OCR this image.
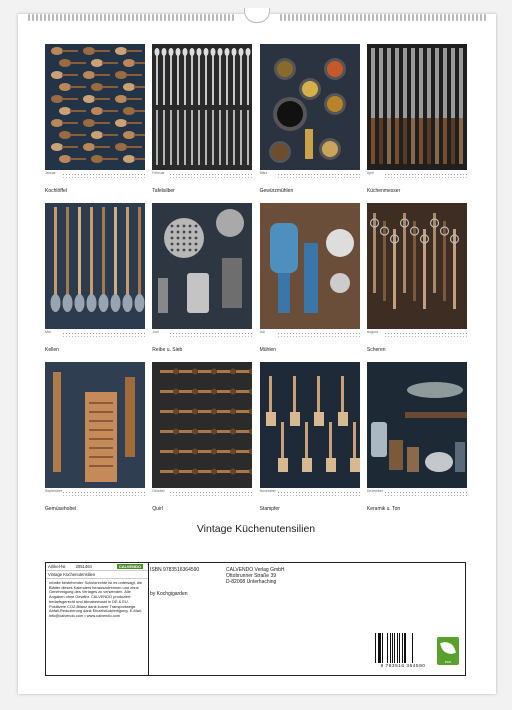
Januar
Kochlöffel
Februar
Tafelsilber
März
Gewürzmühlen
April
Küchenmesser
Mai
Kellen
Juni
Reibe u. Sieb
Juli
Mühlen
August
Scheren
September
Gemüsehobel
Oktober
Quirl
November
Stampfer
Dezember
Keramik u. Ton
Vintage Küchenutensilien
Artikel-Nr. 2051464	CALVENDO
Vintage Küchenutensilien
Inhalte bestehender Schutzrechte ist es untersagt, die Blätter dieses Kalenders herauszutrennen und ohne Genehmigung des Verlages zu verwenden. Alle Angaben ohne Gewähr. CALVENDO produziert bedarfsgerecht und klimabewusst in DE & EU. Positivere CO2-Bilanz dank kurzer Transportwege. Abfall-Reduzierung dank Einzelstückfertigung. E-Mail: info@calvendo.com • www.calvendo.com
ISBN 9783516364590
by Kochgigarden
CALVENDO Verlag GmbH
Ottobrunner Straße 39
D-82008 Unterhaching
9 783516 364590
eco
